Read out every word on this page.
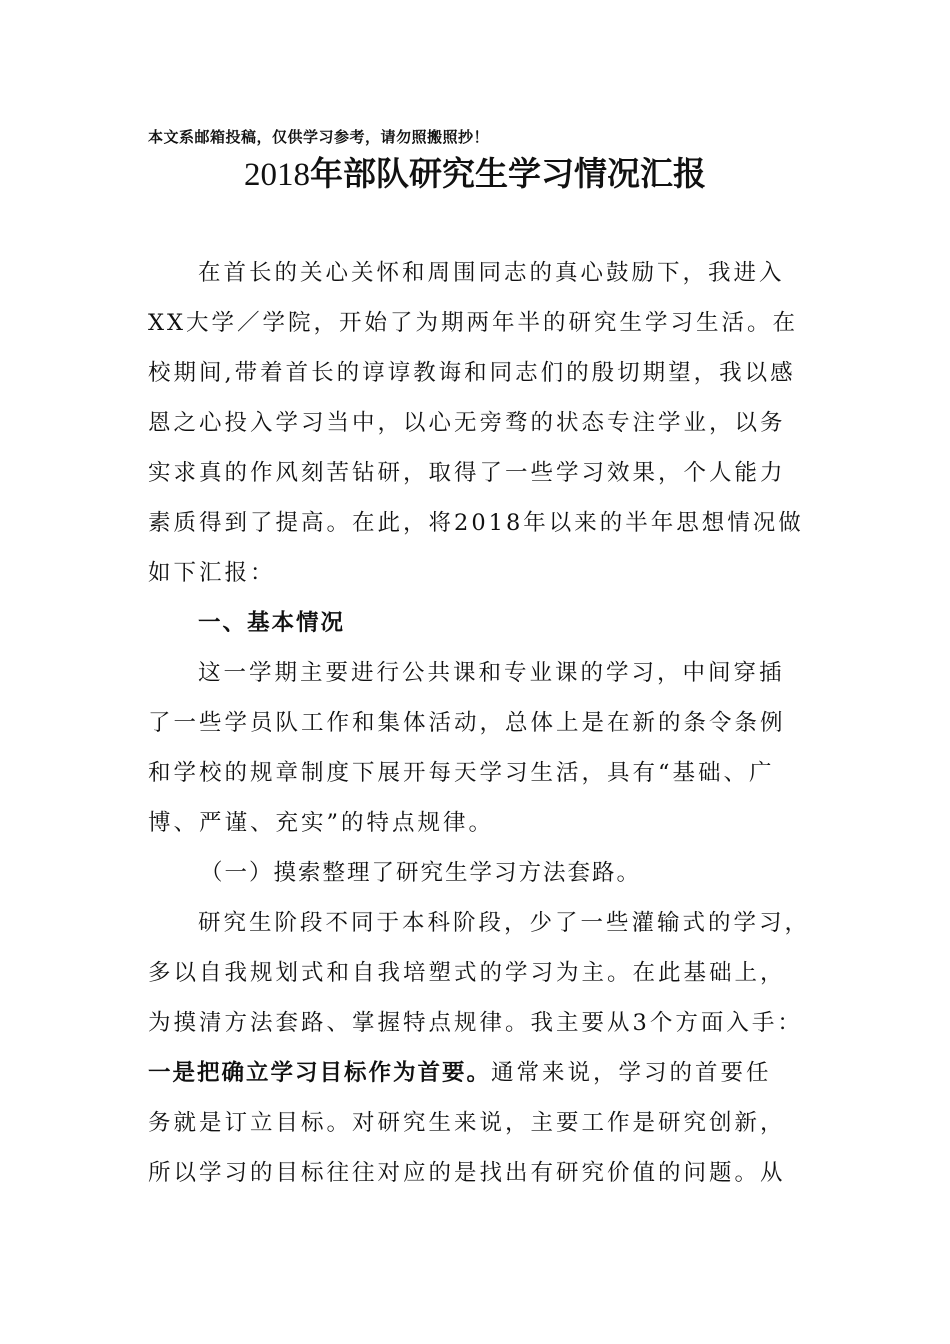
本文系邮箱投稿，仅供学习参考，请勿照搬照抄！
2018年部队研究生学习情况汇报
在首长的关心关怀和周围同志的真心鼓励下，我进入
XX大学／学院，开始了为期两年半的研究生学习生活。在
校期间,带着首长的谆谆教诲和同志们的殷切期望，我以感
恩之心投入学习当中，以心无旁骛的状态专注学业，以务
实求真的作风刻苦钻研，取得了一些学习效果，个人能力
素质得到了提高。在此，将2018年以来的半年思想情况做
如下汇报：
一、基本情况
这一学期主要进行公共课和专业课的学习，中间穿插
了一些学员队工作和集体活动，总体上是在新的条令条例
和学校的规章制度下展开每天学习生活，具有“基础、广
博、严谨、充实”的特点规律。
（一）摸索整理了研究生学习方法套路。
研究生阶段不同于本科阶段，少了一些灌输式的学习，
多以自我规划式和自我培塑式的学习为主。在此基础上，
为摸清方法套路、掌握特点规律。我主要从3个方面入手：
一是把确立学习目标作为首要。通常来说，学习的首要任
务就是订立目标。对研究生来说，主要工作是研究创新，
所以学习的目标往往对应的是找出有研究价值的问题。从
